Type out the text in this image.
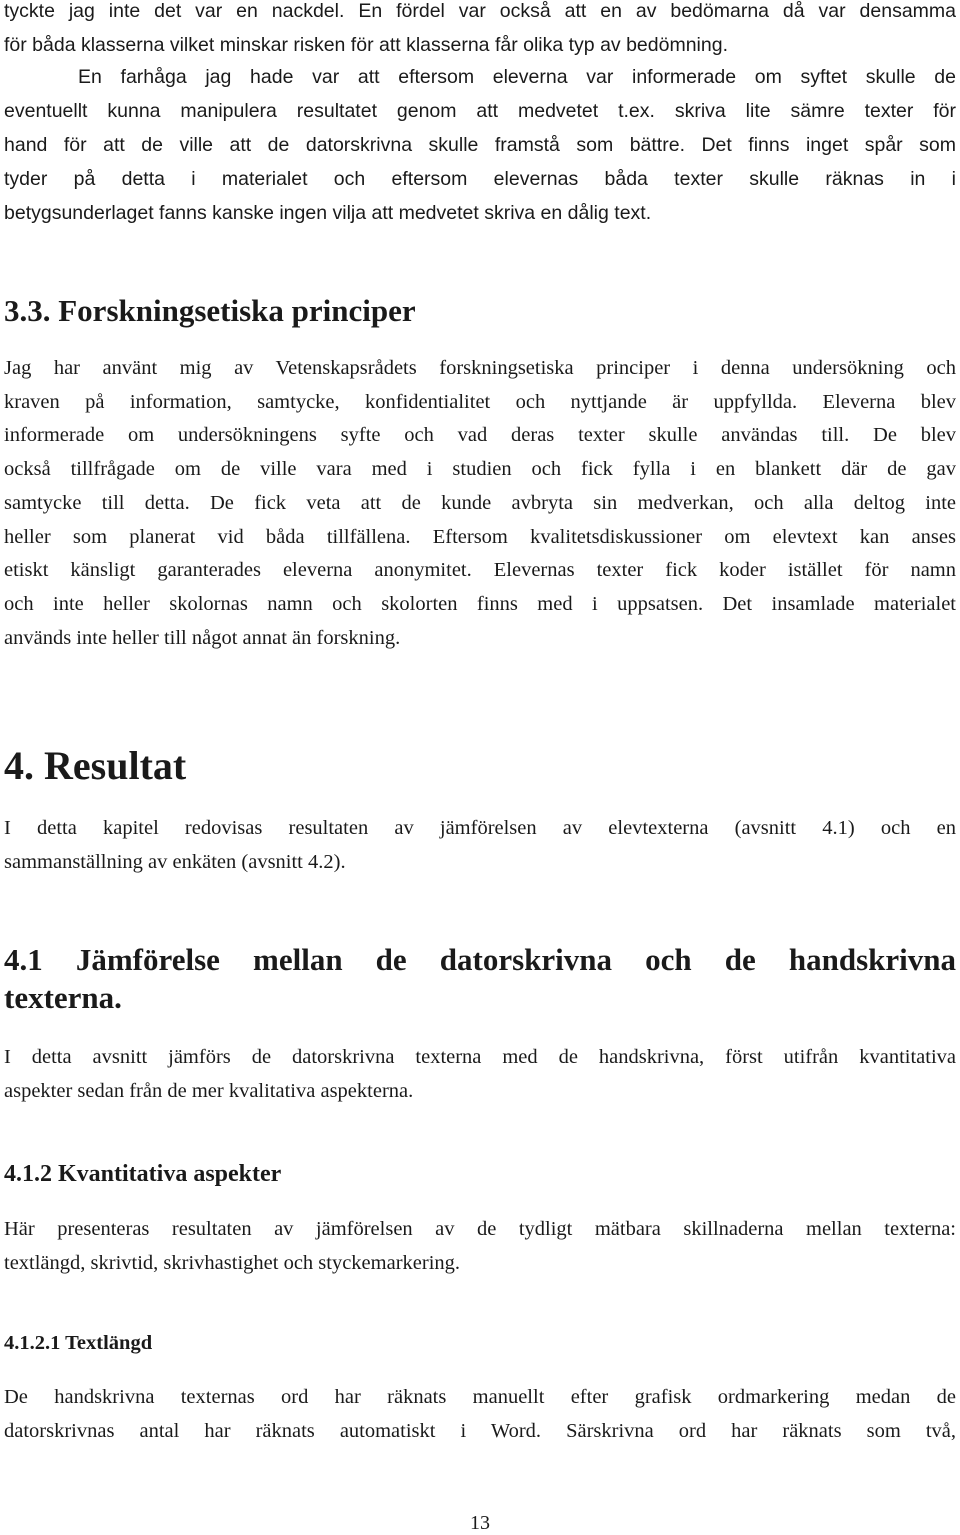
tyckte jag inte det var en nackdel. En fördel var också att en av bedömarna då var densamma
för båda klasserna vilket minskar risken för att klasserna får olika typ av bedömning.
En farhåga jag hade var att eftersom eleverna var informerade om syftet skulle de
eventuellt kunna manipulera resultatet genom att medvetet t.ex. skriva lite sämre texter för
hand för att de ville att de datorskrivna skulle framstå som bättre. Det finns inget spår som
tyder på detta i materialet och eftersom elevernas båda texter skulle räknas in i
betygsunderlaget fanns kanske ingen vilja att medvetet skriva en dålig text.
3.3. Forskningsetiska principer
Jag har använt mig av Vetenskapsrådets forskningsetiska principer i denna undersökning och
kraven på information, samtycke, konfidentialitet och nyttjande är uppfyllda. Eleverna blev
informerade om undersökningens syfte och vad deras texter skulle användas till. De blev
också tillfrågade om de ville vara med i studien och fick fylla i en blankett där de gav
samtycke till detta. De fick veta att de kunde avbryta sin medverkan, och alla deltog inte
heller som planerat vid båda tillfällena. Eftersom kvalitetsdiskussioner om elevtext kan anses
etiskt känsligt garanterades eleverna anonymitet. Elevernas texter fick koder istället för namn
och inte heller skolornas namn och skolorten finns med i uppsatsen. Det insamlade materialet
används inte heller till något annat än forskning.
4. Resultat
I detta kapitel redovisas resultaten av jämförelsen av elevtexterna (avsnitt 4.1) och en
sammanställning av enkäten (avsnitt 4.2).
4.1 Jämförelse mellan de datorskrivna och de handskrivna
texterna.
I detta avsnitt jämförs de datorskrivna texterna med de handskrivna, först utifrån kvantitativa
aspekter sedan från de mer kvalitativa aspekterna.
4.1.2 Kvantitativa aspekter
Här presenteras resultaten av jämförelsen av de tydligt mätbara skillnaderna mellan texterna:
textlängd, skrivtid, skrivhastighet och styckemarkering.
4.1.2.1 Textlängd
De handskrivna texternas ord har räknats manuellt efter grafisk ordmarkering medan de
datorskrivnas antal har räknats automatiskt i Word. Särskrivna ord har räknats som två,
13
